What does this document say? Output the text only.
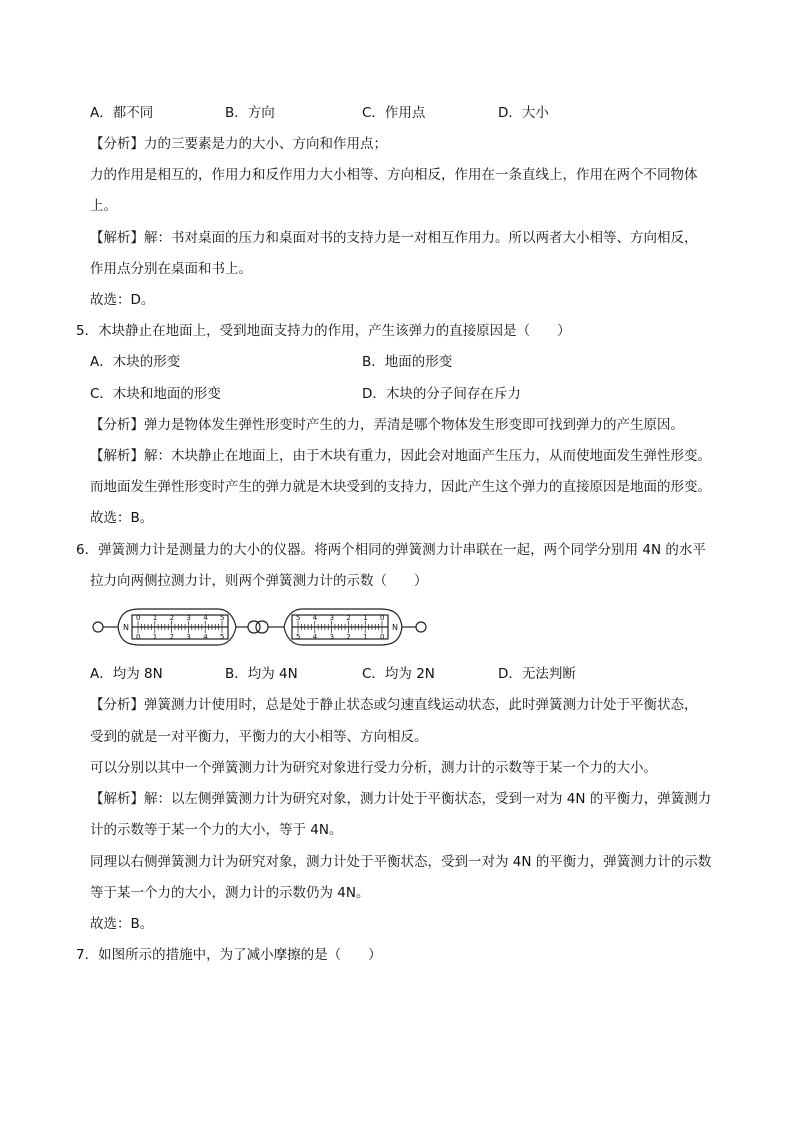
A．都不同	B．方向	C．作用点	D．大小
【分析】力的三要素是力的大小、方向和作用点；
力的作用是相互的，作用力和反作用力大小相等、方向相反，作用在一条直线上，作用在两个不同物体
上。
【解析】解：书对桌面的压力和桌面对书的支持力是一对相互作用力。所以两者大小相等、方向相反，
作用点分别在桌面和书上。
故选：D。
5．木块静止在地面上，受到地面支持力的作用，产生该弹力的直接原因是（　　）
A．木块的形变	B．地面的形变
C．木块和地面的形变	D．木块的分子间存在斥力
【分析】弹力是物体发生弹性形变时产生的力，弄清是哪个物体发生形变即可找到弹力的产生原因。
【解析】解：木块静止在地面上，由于木块有重力，因此会对地面产生压力，从而使地面发生弹性形变。
而地面发生弹性形变时产生的弹力就是木块受到的支持力，因此产生这个弹力的直接原因是地面的形变。
故选：B。
6．弹簧测力计是测量力的大小的仪器。将两个相同的弹簧测力计串联在一起，两个同学分别用 4N 的水平
拉力向两侧拉测力计，则两个弹簧测力计的示数（　　）
0
0
1
1
2
2
3
3
4
4
5
5
0
0
1
1
2
2
3
3
4
4
5
5
N	N
A．均为 8N	B．均为 4N	C．均为 2N	D．无法判断
【分析】弹簧测力计使用时，总是处于静止状态或匀速直线运动状态，此时弹簧测力计处于平衡状态，
受到的就是一对平衡力，平衡力的大小相等、方向相反。
可以分别以其中一个弹簧测力计为研究对象进行受力分析，测力计的示数等于某一个力的大小。
【解析】解：以左侧弹簧测力计为研究对象，测力计处于平衡状态，受到一对为 4N 的平衡力，弹簧测力
计的示数等于某一个力的大小，等于 4N。
同理以右侧弹簧测力计为研究对象，测力计处于平衡状态，受到一对为 4N 的平衡力，弹簧测力计的示数
等于某一个力的大小，测力计的示数仍为 4N。
故选：B。
7．如图所示的措施中，为了减小摩擦的是（　　）
